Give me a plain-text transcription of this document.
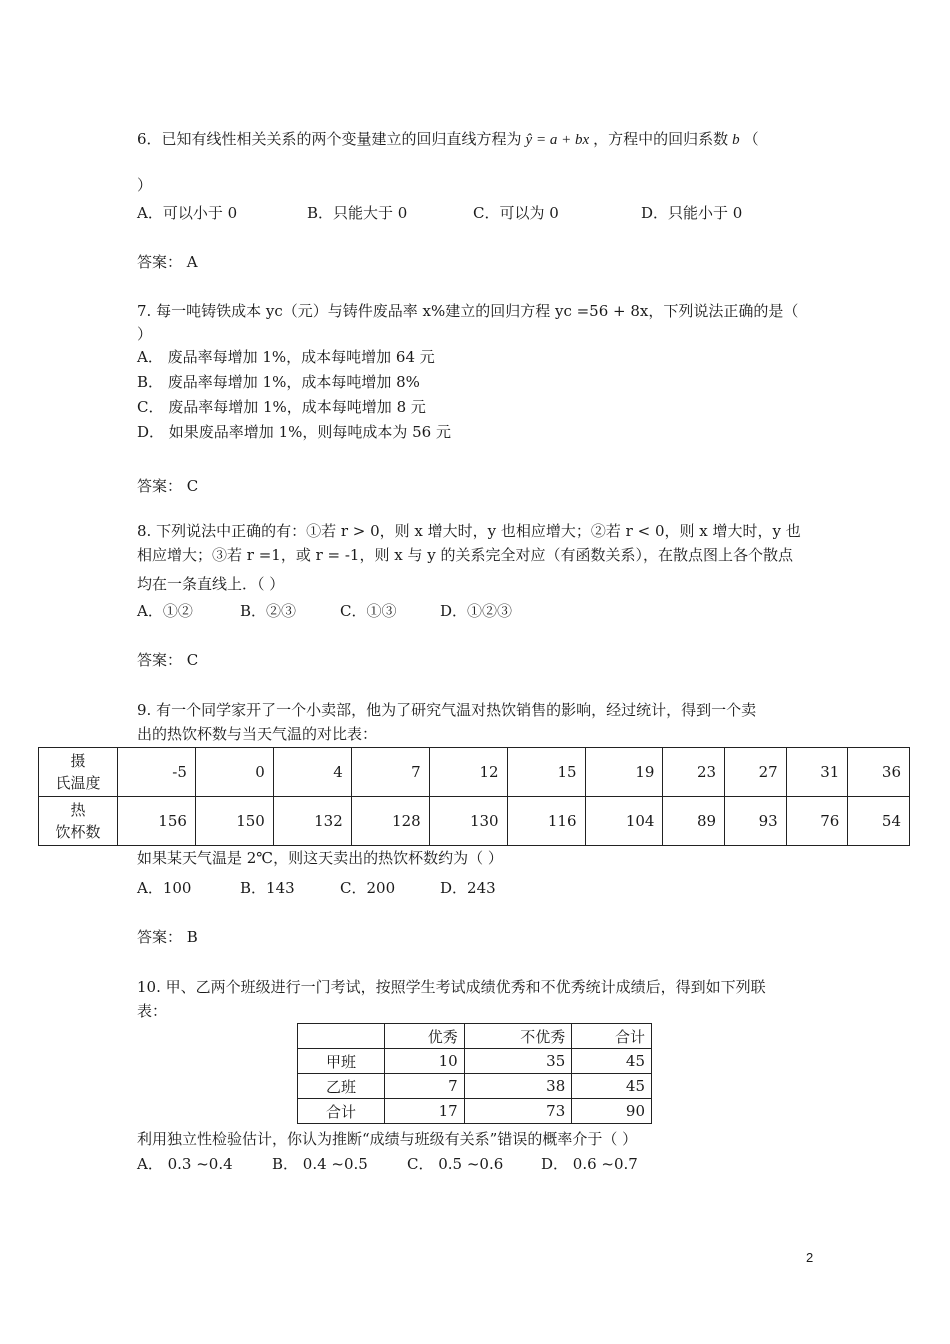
6．已知有线性相关关系的两个变量建立的回归直线方程为 ŷ = a + bx ，方程中的回归系数 b （
）
A．可以小于 0	B．只能大于 0	C．可以为 0	D．只能小于 0
答案： A
7. 每一吨铸铁成本 yc（元）与铸件废品率 x%建立的回归方程 yc =56 + 8x，下列说法正确的是（
）
A． 废品率每增加 1%，成本每吨增加 64 元
B． 废品率每增加 1%，成本每吨增加 8%
C． 废品率每增加 1%，成本每吨增加 8 元
D． 如果废品率增加 1%，则每吨成本为 56 元
答案： C
8. 下列说法中正确的有：①若 r > 0，则 x 增大时，y 也相应增大；②若 r < 0，则 x 增大时，y 也
相应增大；③若 r =1，或 r = -1，则 x 与 y 的关系完全对应（有函数关系），在散点图上各个散点
均在一条直线上．（ ）
A．①②	B．②③	C．①③	D．①②③
答案： C
9. 有一个同学家开了一个小卖部，他为了研究气温对热饮销售的影响，经过统计，得到一个卖
出的热饮杯数与当天气温的对比表：
摄
氏温度	-5	0	4	7	12	15	19	23	27	31	36
热
饮杯数	156	150	132	128	130	116	104	89	93	76	54
如果某天气温是 2℃，则这天卖出的热饮杯数约为（ ）
A．100	B．143	C．200	D．243
答案： B
10. 甲、乙两个班级进行一门考试，按照学生考试成绩优秀和不优秀统计成绩后，得到如下列联
表：
	优秀	不优秀	合计
甲班	10	35	45
乙班	7	38	45
合计	17	73	90
利用独立性检验估计，你认为推断“成绩与班级有关系”错误的概率介于（ ）
A． 0.3 ~0.4	B． 0.4 ~0.5	C． 0.5 ~0.6	D． 0.6 ~0.7
2
